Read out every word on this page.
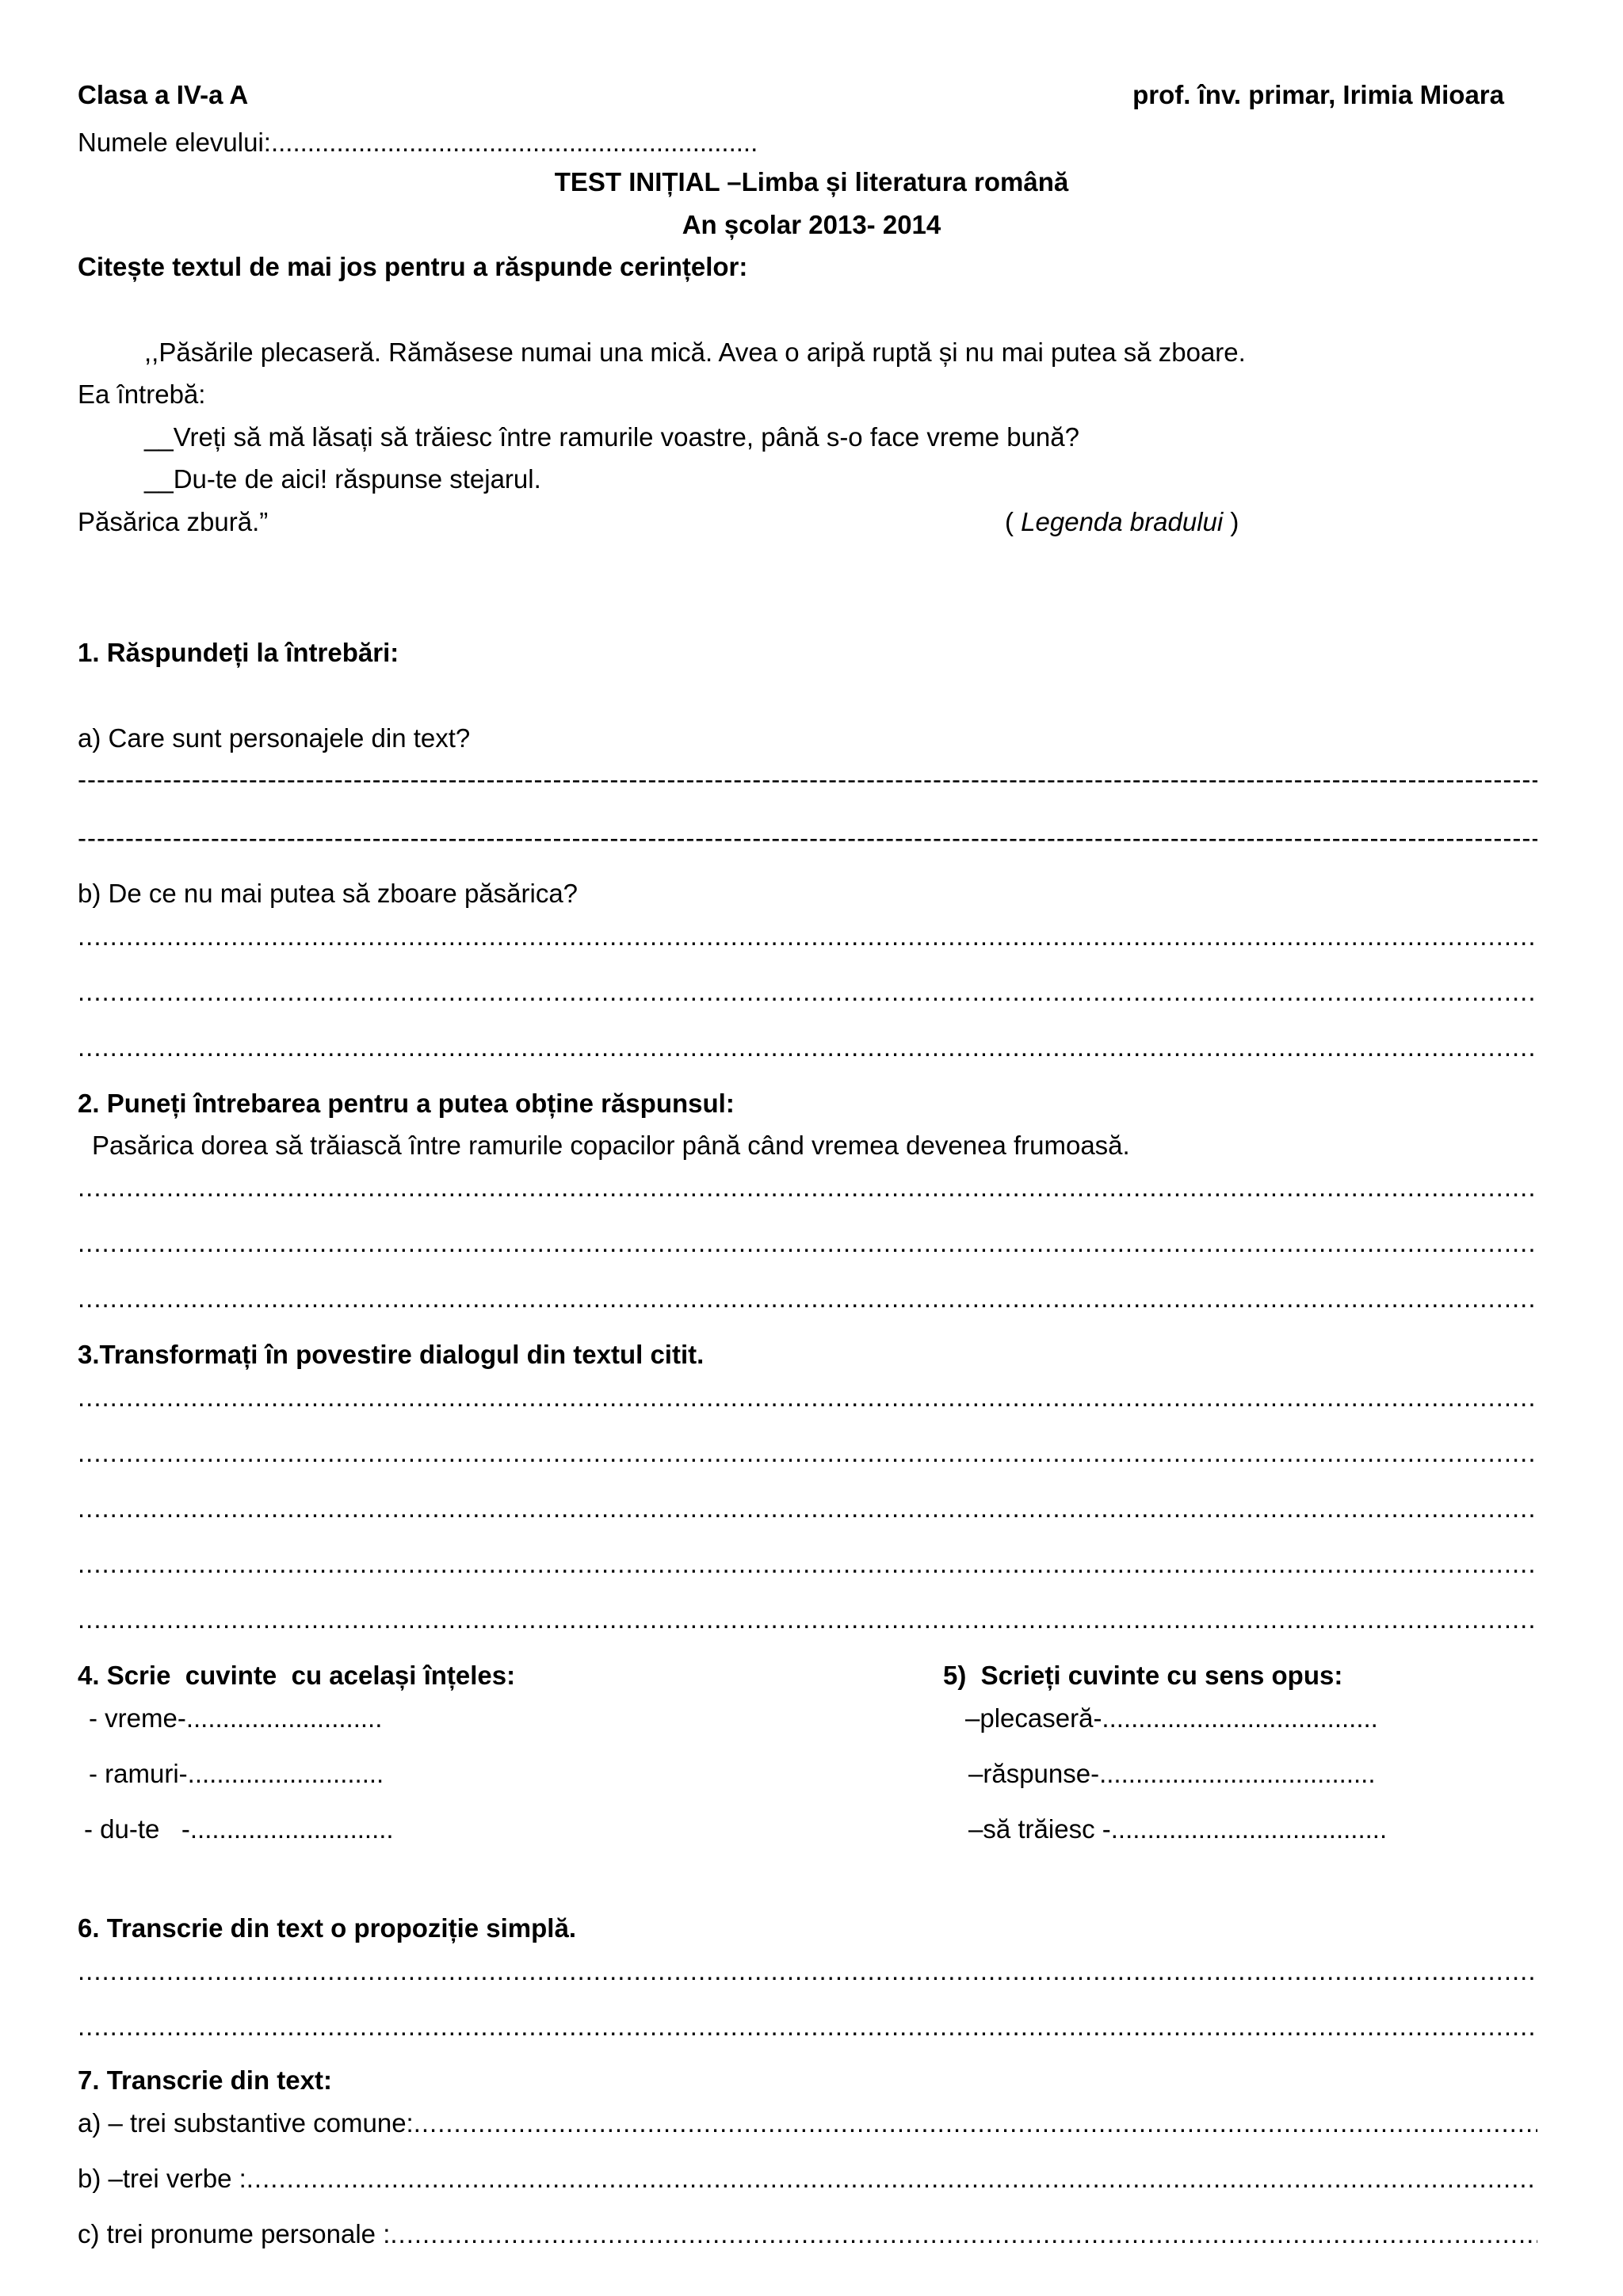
Clasa a IV-a A	prof. înv. primar, Irimia Mioara
Numele elevului:...................................................................
TEST INIȚIAL –Limba și literatura română
An școlar 2013- 2014
Citește textul de mai jos pentru a răspunde cerințelor:
,,Păsările plecaseră. Rămăsese numai una mică. Avea o aripă ruptă și nu mai putea să zboare.
Ea întrebă:
__Vreți să mă lăsați să trăiesc între ramurile voastre, până s-o face vreme bună?
__Du-te de aici! răspunse stejarul.
Păsărica zbură.”	( Legenda bradului )
1. Răspundeți la întrebări:
a) Care sunt personajele din text?
-----
-----
b) De ce nu mai putea să zboare păsărica?
.....
.....
.....
2. Puneți întrebarea pentru a putea obține răspunsul:
Pasărica dorea să trăiască între ramurile copacilor până când vremea devenea frumoasă.
.....
.....
.....
3.Transformați în povestire dialogul din textul citit.
.....
.....
.....
.....
.....
4. Scrie  cuvinte  cu același înțeles:
- vreme-...........................
- ramuri-...........................
- du-te   -............................
5)  Scrieți cuvinte cu sens opus:
–plecaseră-......................................
–răspunse-......................................
–să trăiesc -......................................
6. Transcrie din text o propoziție simplă.
.....
.....
7. Transcrie din text:
a) – trei substantive comune:
.....
b) –trei verbe :
.....
c) trei pronume personale :
.....
